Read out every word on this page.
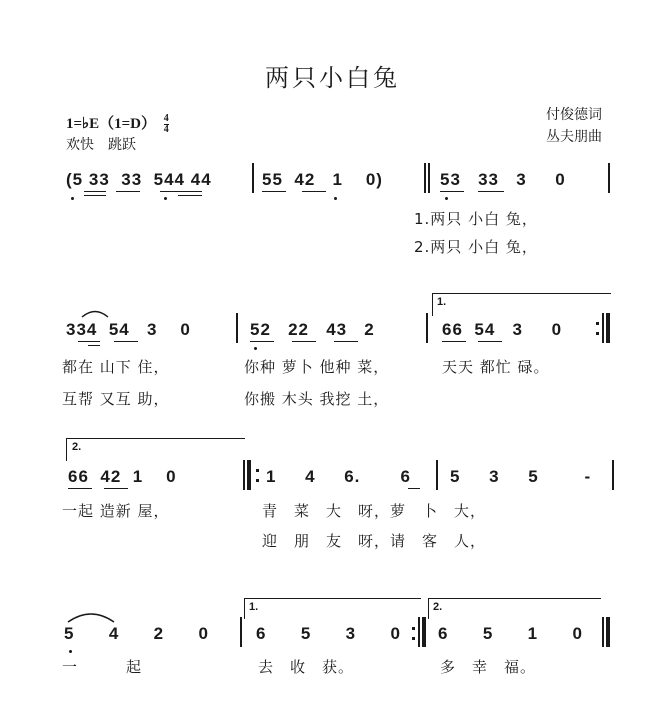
两只小白兔
1=♭E（1=D） $\frac{4}{4}$
欢快　跳跃
付俊德词
丛夫朋曲
(5 33 33 544 44	55 42 1 0)	53 33 3 0
1.两只 小白 兔，
2.两只 小白 兔，
334 54 3 0	52 22 43 2
1.
66 54 3 0
都在 山下 住，	你种 萝卜 他种 菜，	天天 都忙 碌。
互帮 又互 助，	你搬 木头 我挖 土，
2.
66 42 1 0	1 4 6. 6 5 3 5	-
一起 造新 屋，	青　菜　大　呀，萝　卜　大，
迎　朋　友　呀，请　客　人，
5 4 2 0
1.
6 5 3 0
2.
6 5 1 0
一　　　起	去　收　获。	多　幸　福。
